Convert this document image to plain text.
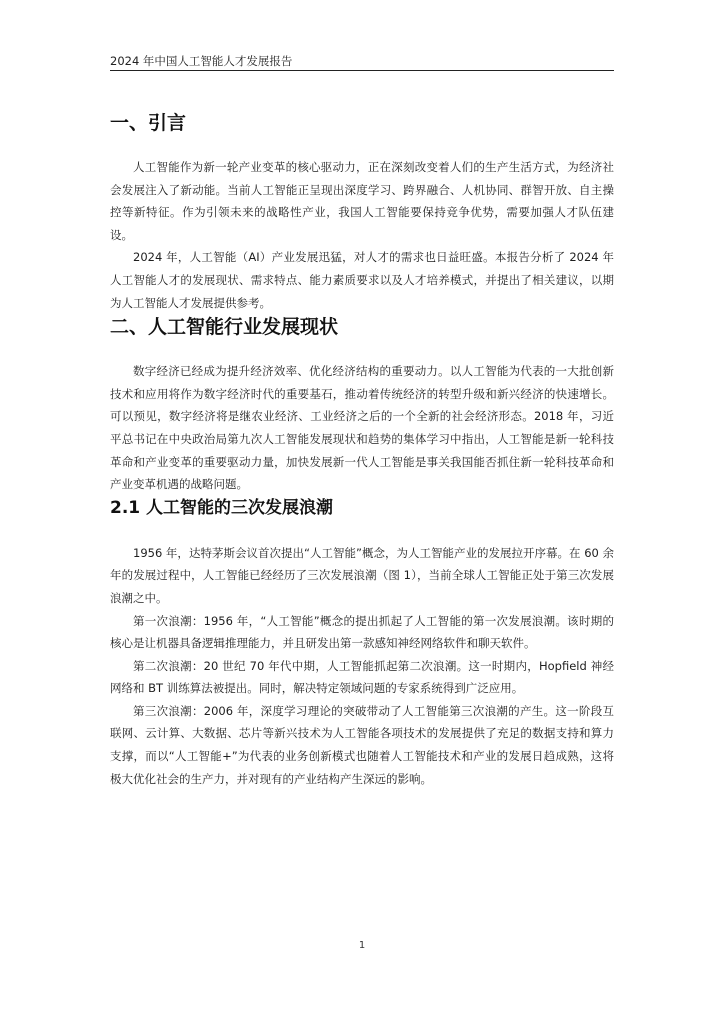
2024 年中国人工智能人才发展报告
一、引言

人工智能作为新一轮产业变革的核心驱动力，正在深刻改变着人们的生产生活方式，为经济社会发展注入了新动能。当前人工智能正呈现出深度学习、跨界融合、人机协同、群智开放、自主操控等新特征。作为引领未来的战略性产业，我国人工智能要保持竞争优势，需要加强人才队伍建设。

2024 年，人工智能（AI）产业发展迅猛，对人才的需求也日益旺盛。本报告分析了 2024 年人工智能人才的发展现状、需求特点、能力素质要求以及人才培养模式，并提出了相关建议，以期为人工智能人才发展提供参考。

二、人工智能行业发展现状

数字经济已经成为提升经济效率、优化经济结构的重要动力。以人工智能为代表的一大批创新技术和应用将作为数字经济时代的重要基石，推动着传统经济的转型升级和新兴经济的快速增长。可以预见，数字经济将是继农业经济、工业经济之后的一个全新的社会经济形态。2018 年，习近平总书记在中央政治局第九次人工智能发展现状和趋势的集体学习中指出，人工智能是新一轮科技革命和产业变革的重要驱动力量，加快发展新一代人工智能是事关我国能否抓住新一轮科技革命和产业变革机遇的战略问题。

2.1 人工智能的三次发展浪潮

1956 年，达特茅斯会议首次提出“人工智能”概念，为人工智能产业的发展拉开序幕。在 60 余年的发展过程中，人工智能已经经历了三次发展浪潮（图 1），当前全球人工智能正处于第三次发展浪潮之中。

第一次浪潮：1956 年，“人工智能”概念的提出抓起了人工智能的第一次发展浪潮。该时期的核心是让机器具备逻辑推理能力，并且研发出第一款感知神经网络软件和聊天软件。

第二次浪潮：20 世纪 70 年代中期，人工智能抓起第二次浪潮。这一时期内，Hopfield 神经网络和 BT 训练算法被提出。同时，解决特定领域问题的专家系统得到广泛应用。

第三次浪潮：2006 年，深度学习理论的突破带动了人工智能第三次浪潮的产生。这一阶段互联网、云计算、大数据、芯片等新兴技术为人工智能各项技术的发展提供了充足的数据支持和算力支撑，而以“人工智能+”为代表的业务创新模式也随着人工智能技术和产业的发展日趋成熟，这将极大优化社会的生产力，并对现有的产业结构产生深远的影响。

1
